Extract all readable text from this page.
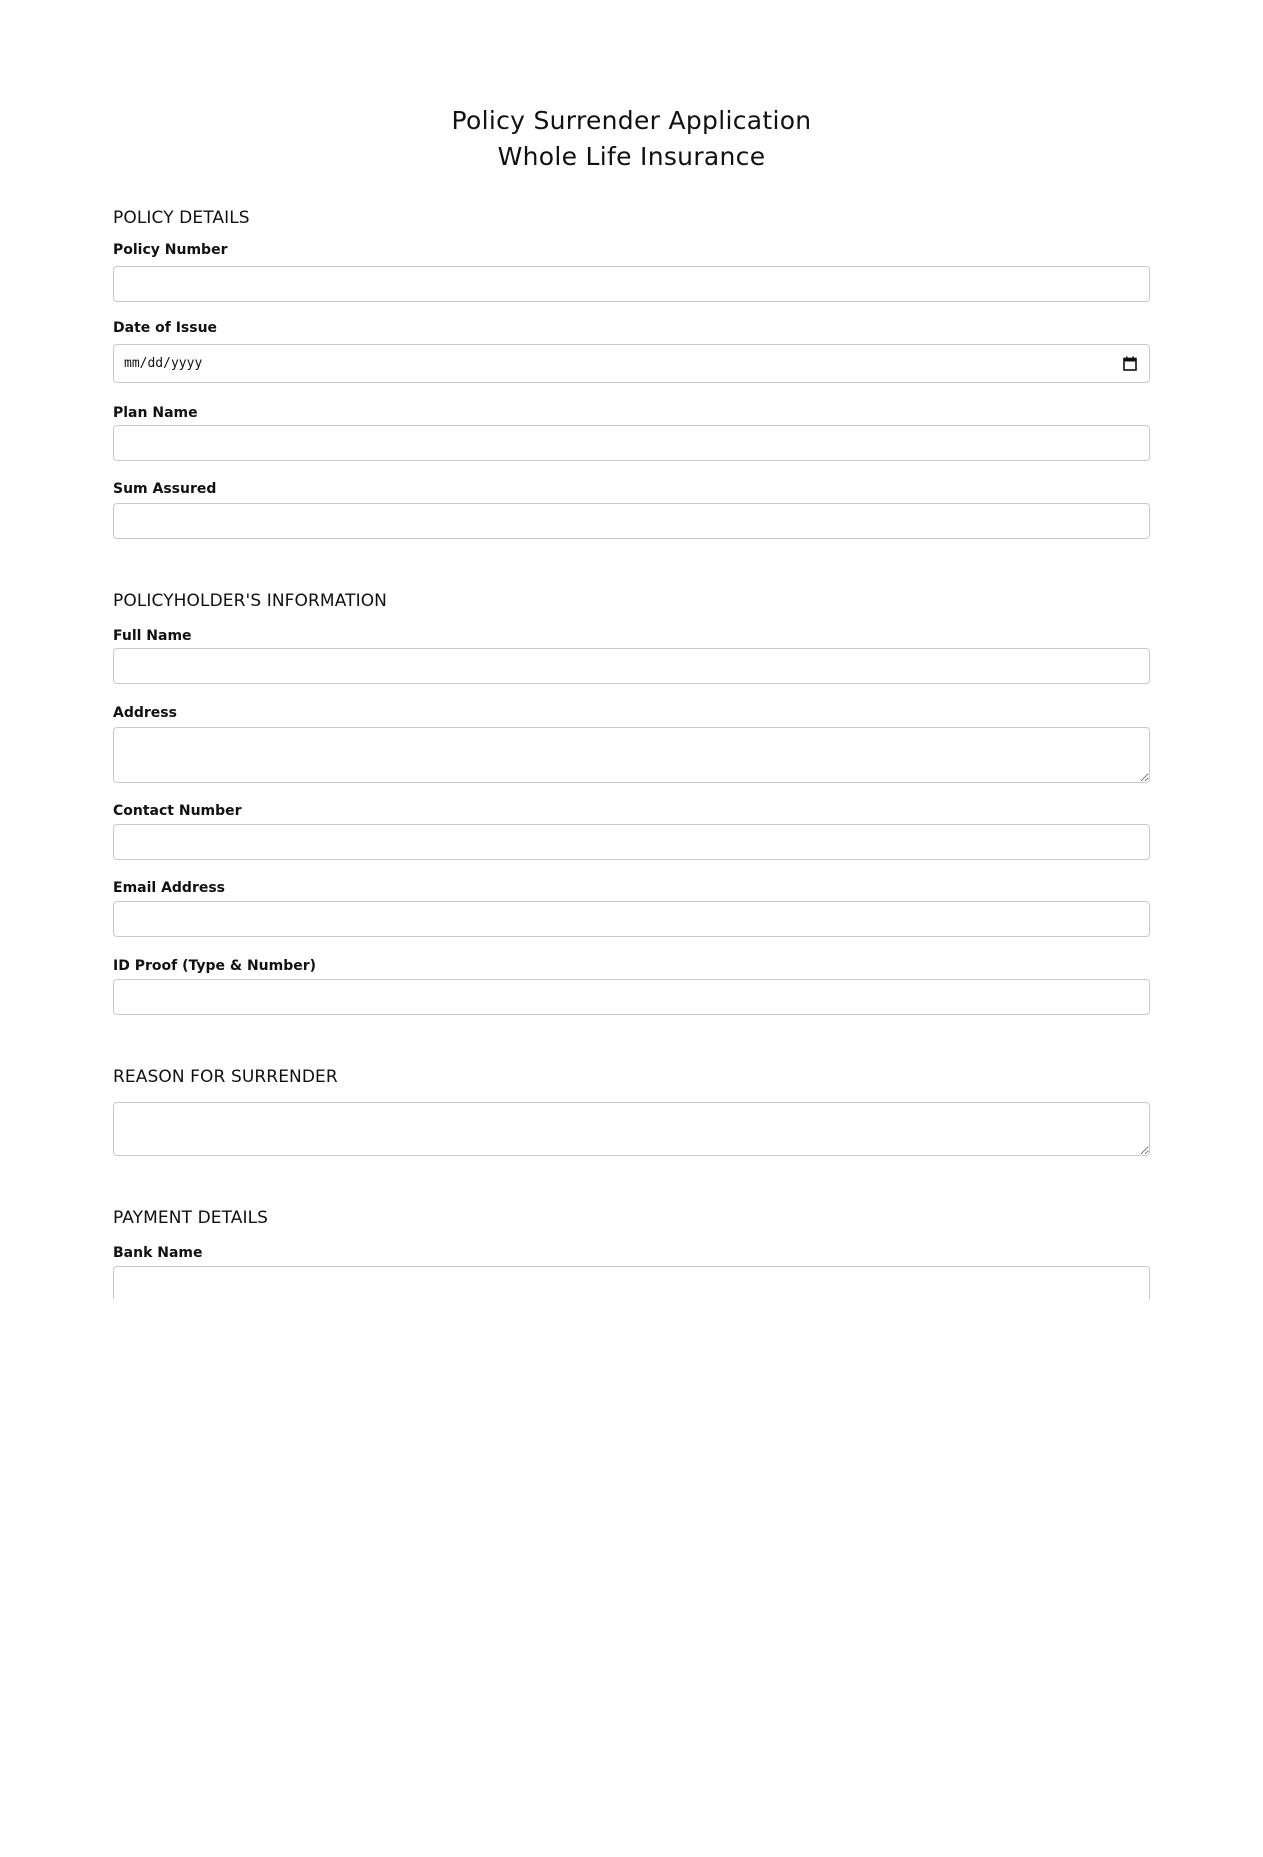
Policy Surrender Application
Whole Life Insurance
POLICY DETAILS
Policy Number
Date of Issue
mm/dd/yyyy
Plan Name
Sum Assured
POLICYHOLDER'S INFORMATION
Full Name
Address
Contact Number
Email Address
ID Proof (Type & Number)
REASON FOR SURRENDER
PAYMENT DETAILS
Bank Name
